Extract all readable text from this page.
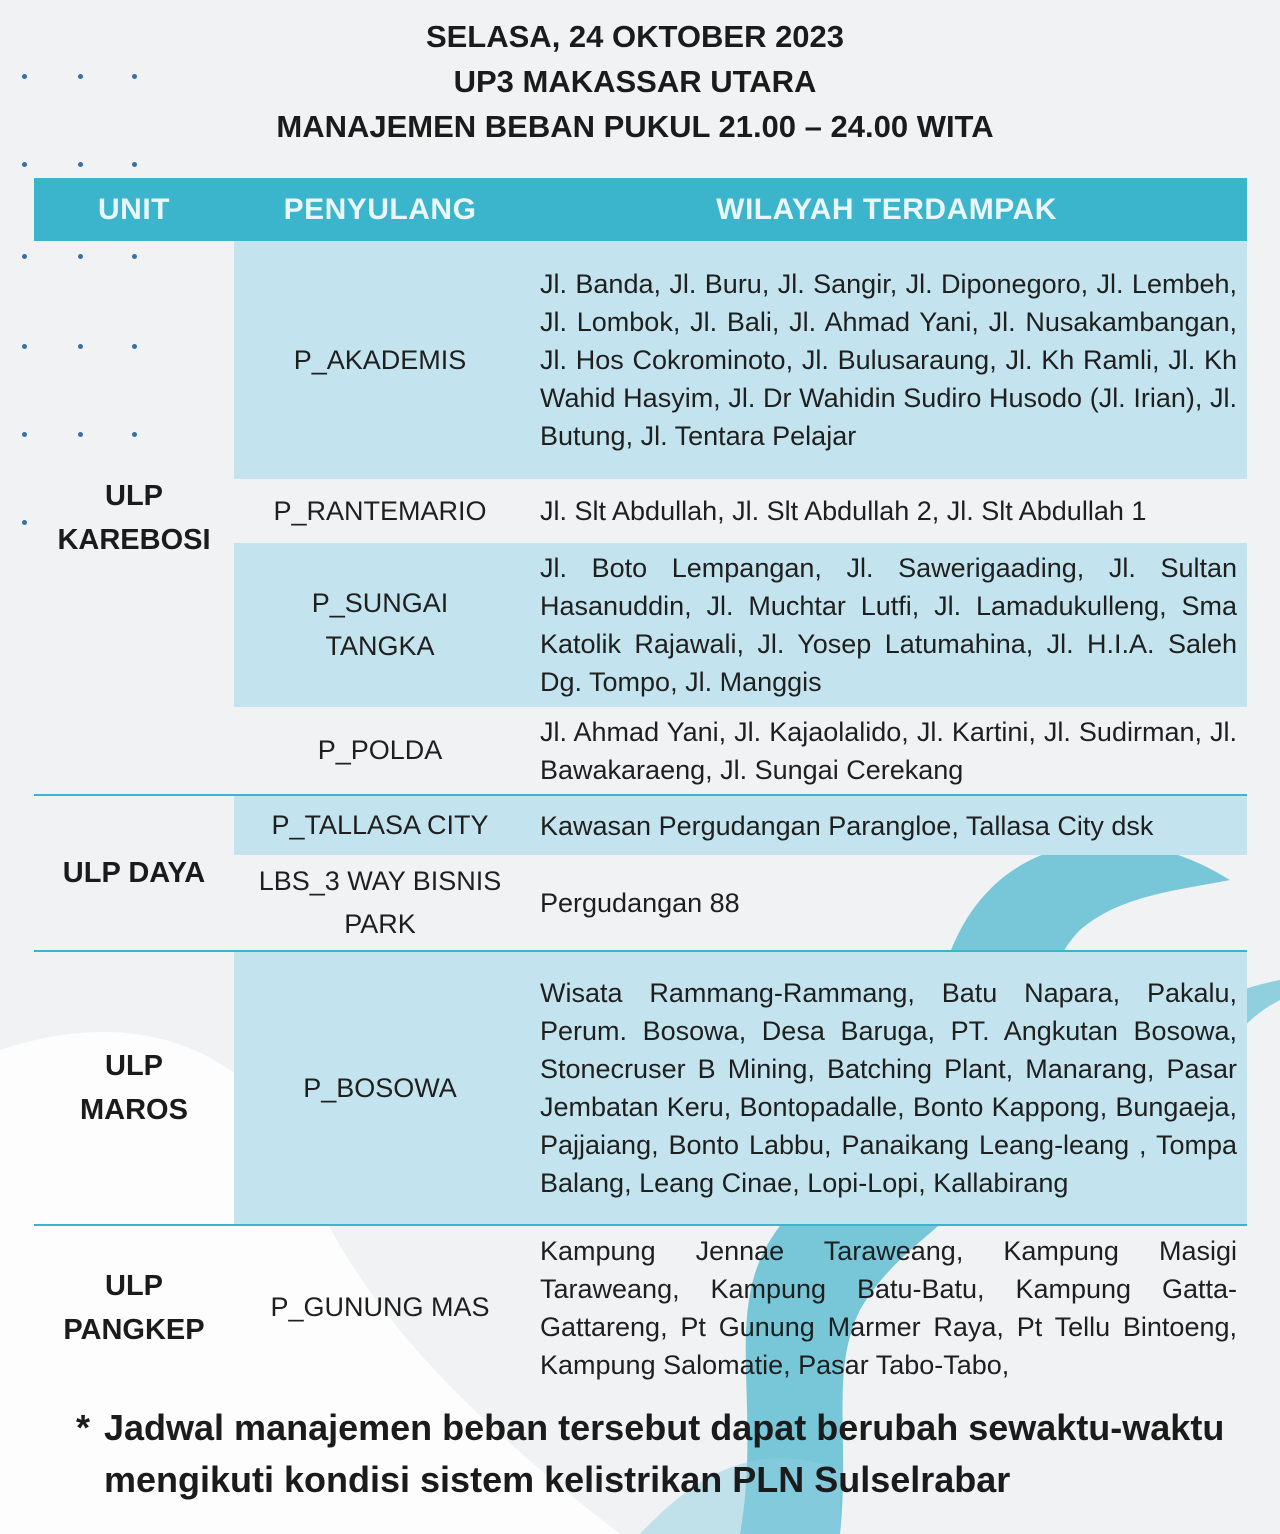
SELASA, 24 OKTOBER 2023
UP3 MAKASSAR UTARA
MANAJEMEN BEBAN PUKUL 21.00 – 24.00 WITA
UNIT	PENYULANG	WILAYAH TERDAMPAK

ULP
KAREBOSI	P_AKADEMIS	Jl. Banda, Jl. Buru, Jl. Sangir, Jl. Diponegoro, Jl. Lembeh, Jl. Lombok, Jl. Bali, Jl. Ahmad Yani, Jl. Nusakambangan, Jl. Hos Cokrominoto, Jl. Bulusaraung, Jl. Kh Ramli, Jl. Kh Wahid Hasyim, Jl. Dr Wahidin Sudiro Husodo (Jl. Irian), Jl. Butung, Jl. Tentara Pelajar
	P_RANTEMARIO	Jl. Slt Abdullah, Jl. Slt Abdullah 2, Jl. Slt Abdullah 1

	P_SUNGAI
TANGKA	Jl. Boto Lempangan, Jl. Sawerigaading, Jl. Sultan Hasanuddin, Jl. Muchtar Lutfi, Jl. Lamadukulleng, Sma Katolik Rajawali, Jl. Yosep Latumahina, Jl. H.I.A. Saleh Dg. Tompo, Jl. Manggis
	P_POLDA	Jl. Ahmad Yani, Jl. Kajaolalido, Jl. Kartini, Jl. Sudirman, Jl. Bawakaraeng, Jl. Sungai Cerekang
ULP DAYA	P_TALLASA CITY	Kawasan Pergudangan Parangloe, Tallasa City dsk

	LBS_3 WAY BISNIS
PARK	Pergudangan 88

ULP
MAROS	P_BOSOWA	Wisata Rammang-Rammang, Batu Napara, Pakalu, Perum. Bosowa, Desa Baruga, PT. Angkutan Bosowa, Stonecruser B Mining, Batching Plant, Manarang, Pasar Jembatan Keru, Bontopadalle, Bonto Kappong, Bungaeja, Pajjaiang, Bonto Labbu, Panaikang Leang-leang , Tompa Balang, Leang Cinae, Lopi-Lopi, Kallabirang

ULP
PANGKEP	P_GUNUNG MAS	Kampung Jennae Taraweang, Kampung Masigi Taraweang, Kampung Batu-Batu, Kampung Gatta-Gattareng, Pt Gunung Marmer Raya, Pt Tellu Bintoeng, Kampung Salomatie, Pasar Tabo-Tabo,
* Jadwal manajemen beban tersebut dapat berubah sewaktu-waktu mengikuti kondisi sistem kelistrikan PLN Sulselrabar
